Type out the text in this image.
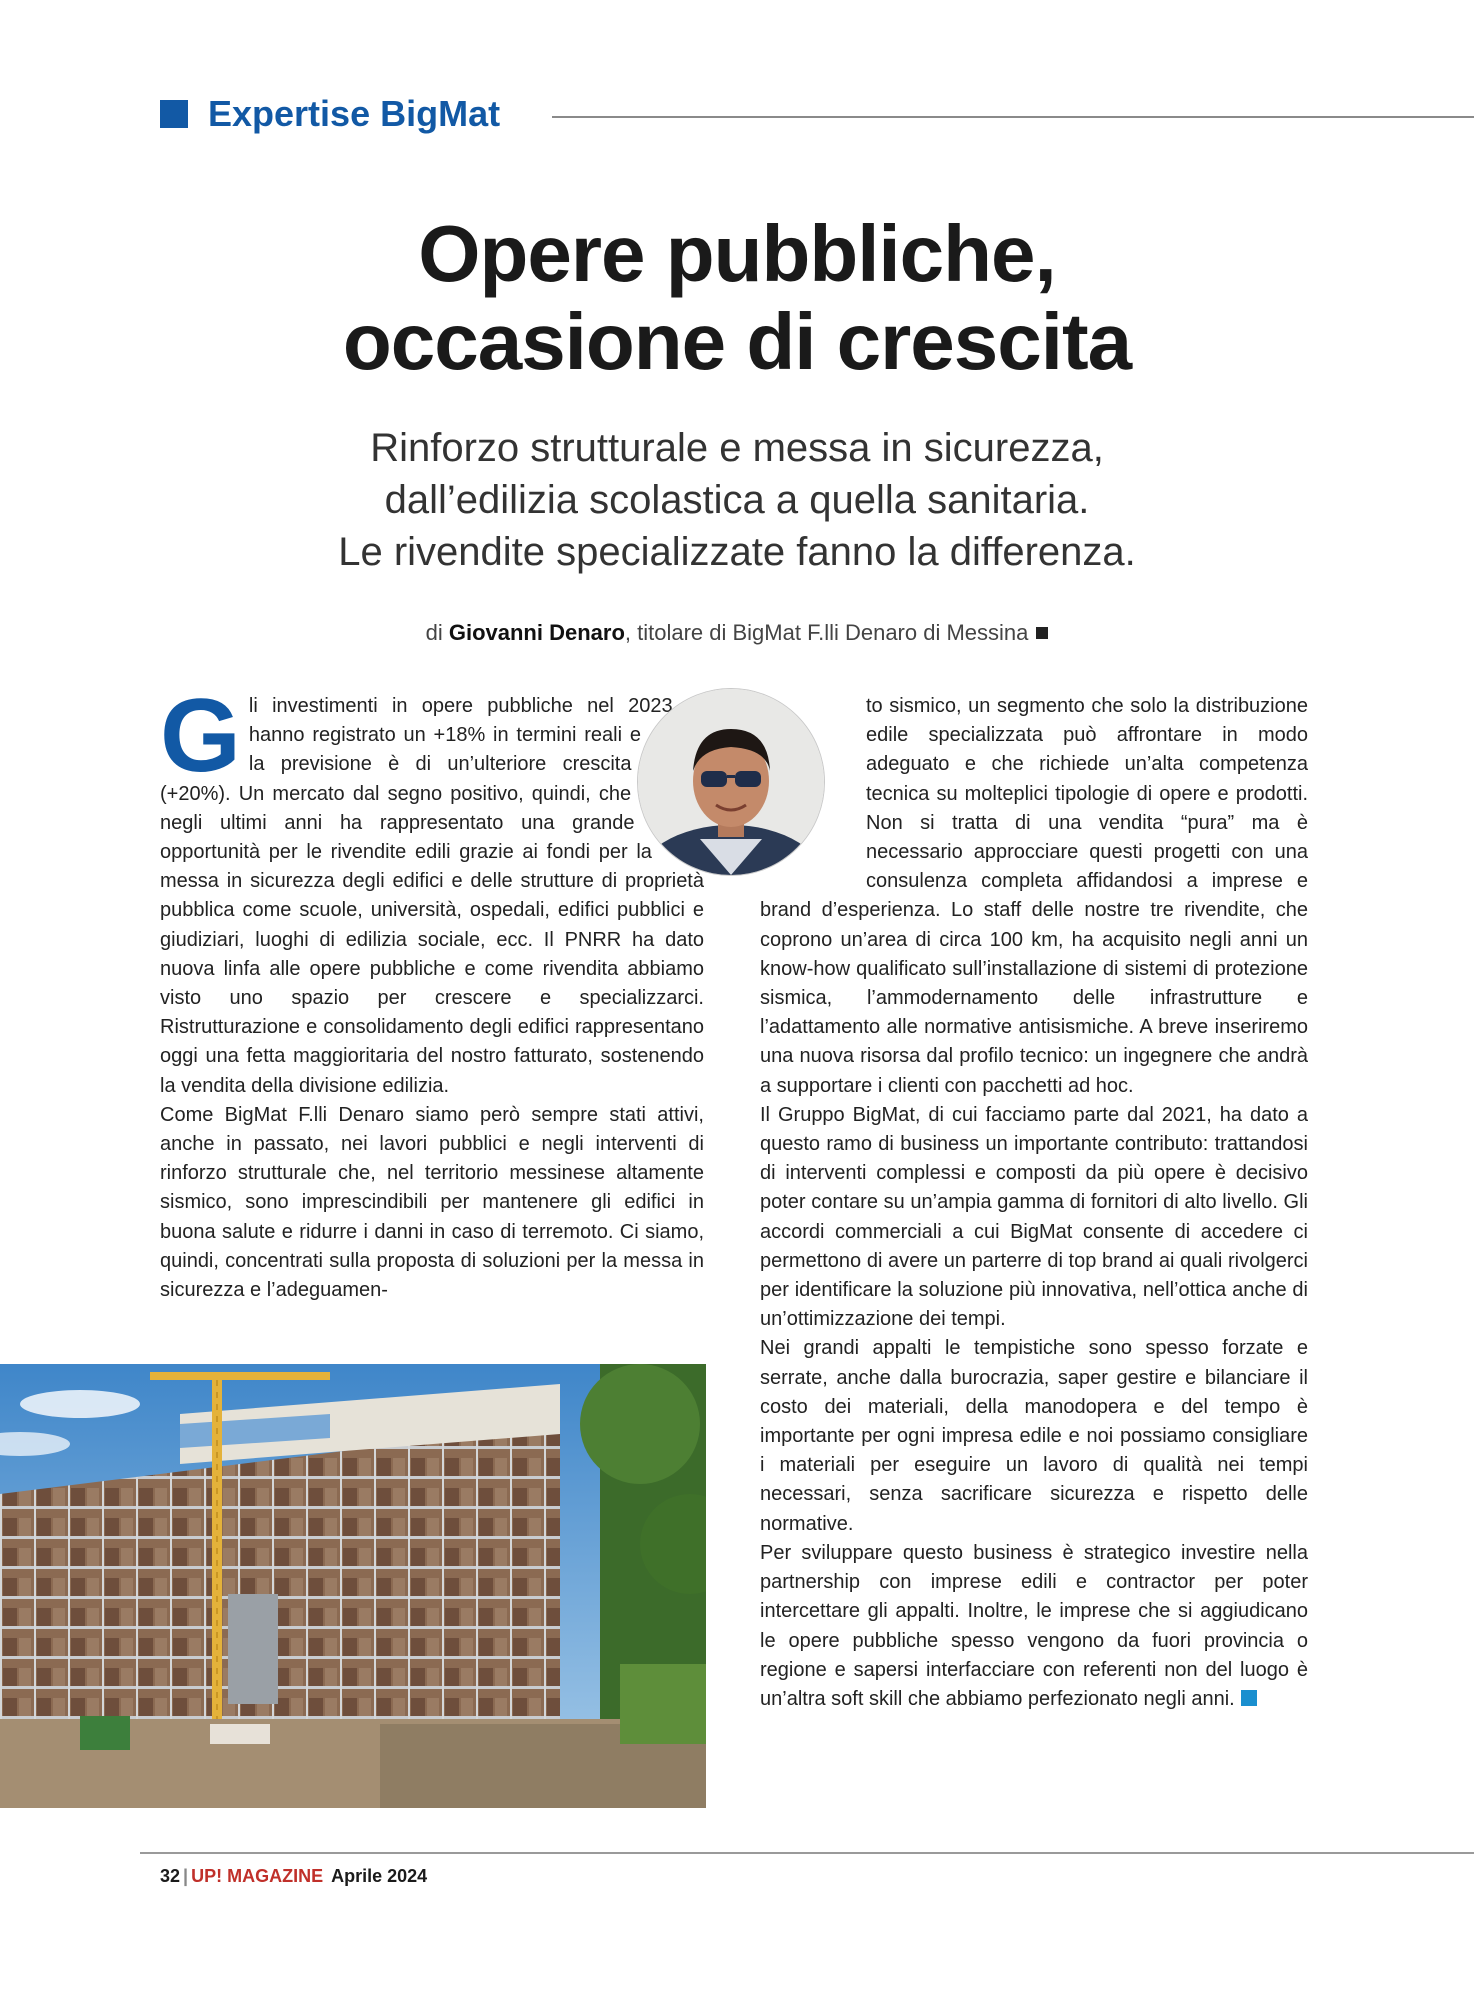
Expertise BigMat
Opere pubbliche,
occasione di crescita
Rinforzo strutturale e messa in sicurezza,
dall’edilizia scolastica a quella sanitaria.
Le rivendite specializzate fanno la differenza.
di Giovanni Denaro, titolare di BigMat F.lli Denaro di Messina
G li investimenti in opere pubbliche nel 2023 hanno registrato un +18% in termini reali e la previsione è di un’ulteriore crescita (+20%). Un mercato dal segno positivo, quindi, che negli ultimi anni ha rappresentato una grande opportunità per le rivendite edili grazie ai fondi per la messa in sicurezza degli edifici e delle strutture di proprietà pubblica come scuole, università, ospedali, edifici pubblici e giudiziari, luoghi di edilizia sociale, ecc. Il PNRR ha dato nuova linfa alle opere pubbliche e come rivendita abbiamo visto uno spazio per crescere e specializzarci. Ristrutturazione e consolidamento degli edifici rappresentano oggi una fetta maggioritaria del nostro fatturato, sostenendo la vendita della divisione edilizia.

Come BigMat F.lli Denaro siamo però sempre stati attivi, anche in passato, nei lavori pubblici e negli interventi di rinforzo strutturale che, nel territorio messinese altamente sismico, sono imprescindibili per mantenere gli edifici in buona salute e ridurre i danni in caso di terremoto. Ci siamo, quindi, concentrati sulla proposta di soluzioni per la messa in sicurezza e l’adeguamen-

to sismico, un segmento che solo la distribuzione edile specializzata può affrontare in modo adeguato e che richiede un’alta competenza tecnica su molteplici tipologie di opere e prodotti. Non si tratta di una vendita “pura” ma è necessario approcciare questi progetti con una consulenza completa affidandosi a imprese e brand d’esperienza. Lo staff delle nostre tre rivendite, che coprono un’area di circa 100 km, ha acquisito negli anni un know-how qualificato sull’installazione di sistemi di protezione sismica, l’ammodernamento delle infrastrutture e l’adattamento alle normative antisismiche. A breve inseriremo una nuova risorsa dal profilo tecnico: un ingegnere che andrà a supportare i clienti con pacchetti ad hoc.

Il Gruppo BigMat, di cui facciamo parte dal 2021, ha dato a questo ramo di business un importante contributo: trattandosi di interventi complessi e composti da più opere è decisivo poter contare su un’ampia gamma di fornitori di alto livello. Gli accordi commerciali a cui BigMat consente di accedere ci permettono di avere un parterre di top brand ai quali rivolgerci per identificare la soluzione più innovativa, nell’ottica anche di un’ottimizzazione dei tempi.

Nei grandi appalti le tempistiche sono spesso forzate e serrate, anche dalla burocrazia, saper gestire e bilanciare il costo dei materiali, della manodopera e del tempo è importante per ogni impresa edile e noi possiamo consigliare i materiali per eseguire un lavoro di qualità nei tempi necessari, senza sacrificare sicurezza e rispetto delle normative.

Per sviluppare questo business è strategico investire nella partnership con imprese edili e contractor per poter intercettare gli appalti. Inoltre, le imprese che si aggiudicano le opere pubbliche spesso vengono da fuori provincia o regione e sapersi interfacciare con referenti non del luogo è un’altra soft skill che abbiamo perfezionato negli anni.

32 | UP! MAGAZINE Aprile 2024
